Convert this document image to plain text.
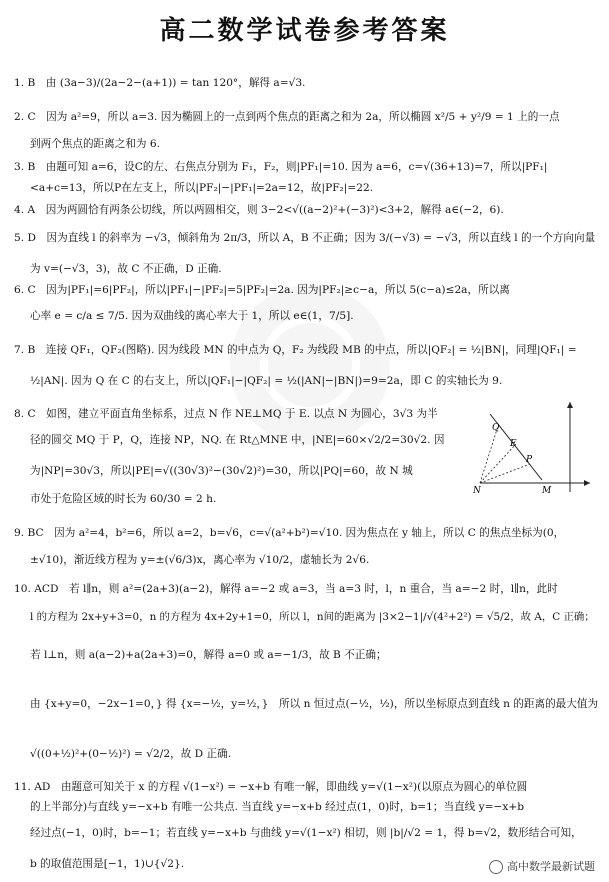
高二数学试卷参考答案
1. B　由 (3a−3)/(2a−2−(a+1)) = tan 120°，解得 a=√3.
2. C　因为 a²=9，所以 a=3. 因为椭圆上的一点到两个焦点的距离之和为 2a，所以椭圆 x²/5 + y²/9 = 1 上的一点
到两个焦点的距离之和为 6.
3. B　由题可知 a=6，设C的左、右焦点分别为 F₁，F₂，则|PF₁|=10. 因为 a=6，c=√(36+13)=7，所以|PF₁|
<a+c=13，所以P在左支上，所以|PF₂|−|PF₁|=2a=12，故|PF₂|=22.
4. A　因为两圆恰有两条公切线，所以两圆相交，则 3−2<√((a−2)²+(−3)²)<3+2，解得 a∈(−2，6).
5. D　因为直线 l 的斜率为 −√3，倾斜角为 2π/3，所以 A，B 不正确；因为 3/(−√3) = −√3，所以直线 l 的一个方向向量
为 v=(−√3，3)，故 C 不正确，D 正确.
6. C　因为|PF₁|=6|PF₂|，所以|PF₁|−|PF₂|=5|PF₂|=2a. 因为|PF₂|≥c−a，所以 5(c−a)≤2a，所以离
心率 e = c/a ≤ 7/5. 因为双曲线的离心率大于 1，所以 e∈(1，7/5].
7. B　连接 QF₁，QF₂(图略). 因为线段 MN 的中点为 Q，F₂ 为线段 MB 的中点，所以|QF₂| = ½|BN|，同理|QF₁| =
½|AN|. 因为 Q 在 C 的右支上，所以|QF₁|−|QF₂| = ½(|AN|−|BN|)=9=2a，即 C 的实轴长为 9.
8. C　如图，建立平面直角坐标系，过点 N 作 NE⊥MQ 于 E. 以点 N 为圆心，3√3 为半
径的圆交 MQ 于 P，Q，连接 NP，NQ. 在 Rt△MNE 中，|NE|=60×√2/2=30√2. 因
为|NP|=30√3，所以|PE|=√((30√3)²−(30√2)²)=30，所以|PQ|=60，故 N 城
市处于危险区域的时长为 60/30 = 2 h.
Q
E
P
N	M
9. BC　因为 a²=4，b²=6，所以 a=2，b=√6，c=√(a²+b²)=√10. 因为焦点在 y 轴上，所以 C 的焦点坐标为(0，
±√10)，渐近线方程为 y=±(√6/3)x，离心率为 √10/2，虚轴长为 2√6.
10. ACD　若 l∥n，则 a²=(2a+3)(a−2)，解得 a=−2 或 a=3，当 a=3 时，l，n 重合，当 a=−2 时，l∥n，此时
l 的方程为 2x+y+3=0，n 的方程为 4x+2y+1=0，所以 l，n间的距离为 |3×2−1|/√(4²+2²) = √5/2，故 A，C 正确；
若 l⊥n，则 a(a−2)+a(2a+3)=0，解得 a=0 或 a=−1/3，故 B 不正确；
由 {x+y=0，−2x−1=0，} 得 {x=−½，y=½，}　所以 n 恒过点(−½，½)，所以坐标原点到直线 n 的距离的最大值为
√((0+½)²+(0−½)²) = √2/2，故 D 正确.
11. AD　由题意可知关于 x 的方程 √(1−x²) = −x+b 有唯一解，即曲线 y=√(1−x²)(以原点为圆心的单位圆
的上半部分)与直线 y=−x+b 有唯一公共点. 当直线 y=−x+b 经过点(1，0)时，b=1；当直线 y=−x+b
经过点(−1，0)时，b=−1；若直线 y=−x+b 与曲线 y=√(1−x²) 相切，则 |b|/√2 = 1，得 b=√2，数形结合可知，
b 的取值范围是[−1，1)∪{√2}.	高中数学最新试题
